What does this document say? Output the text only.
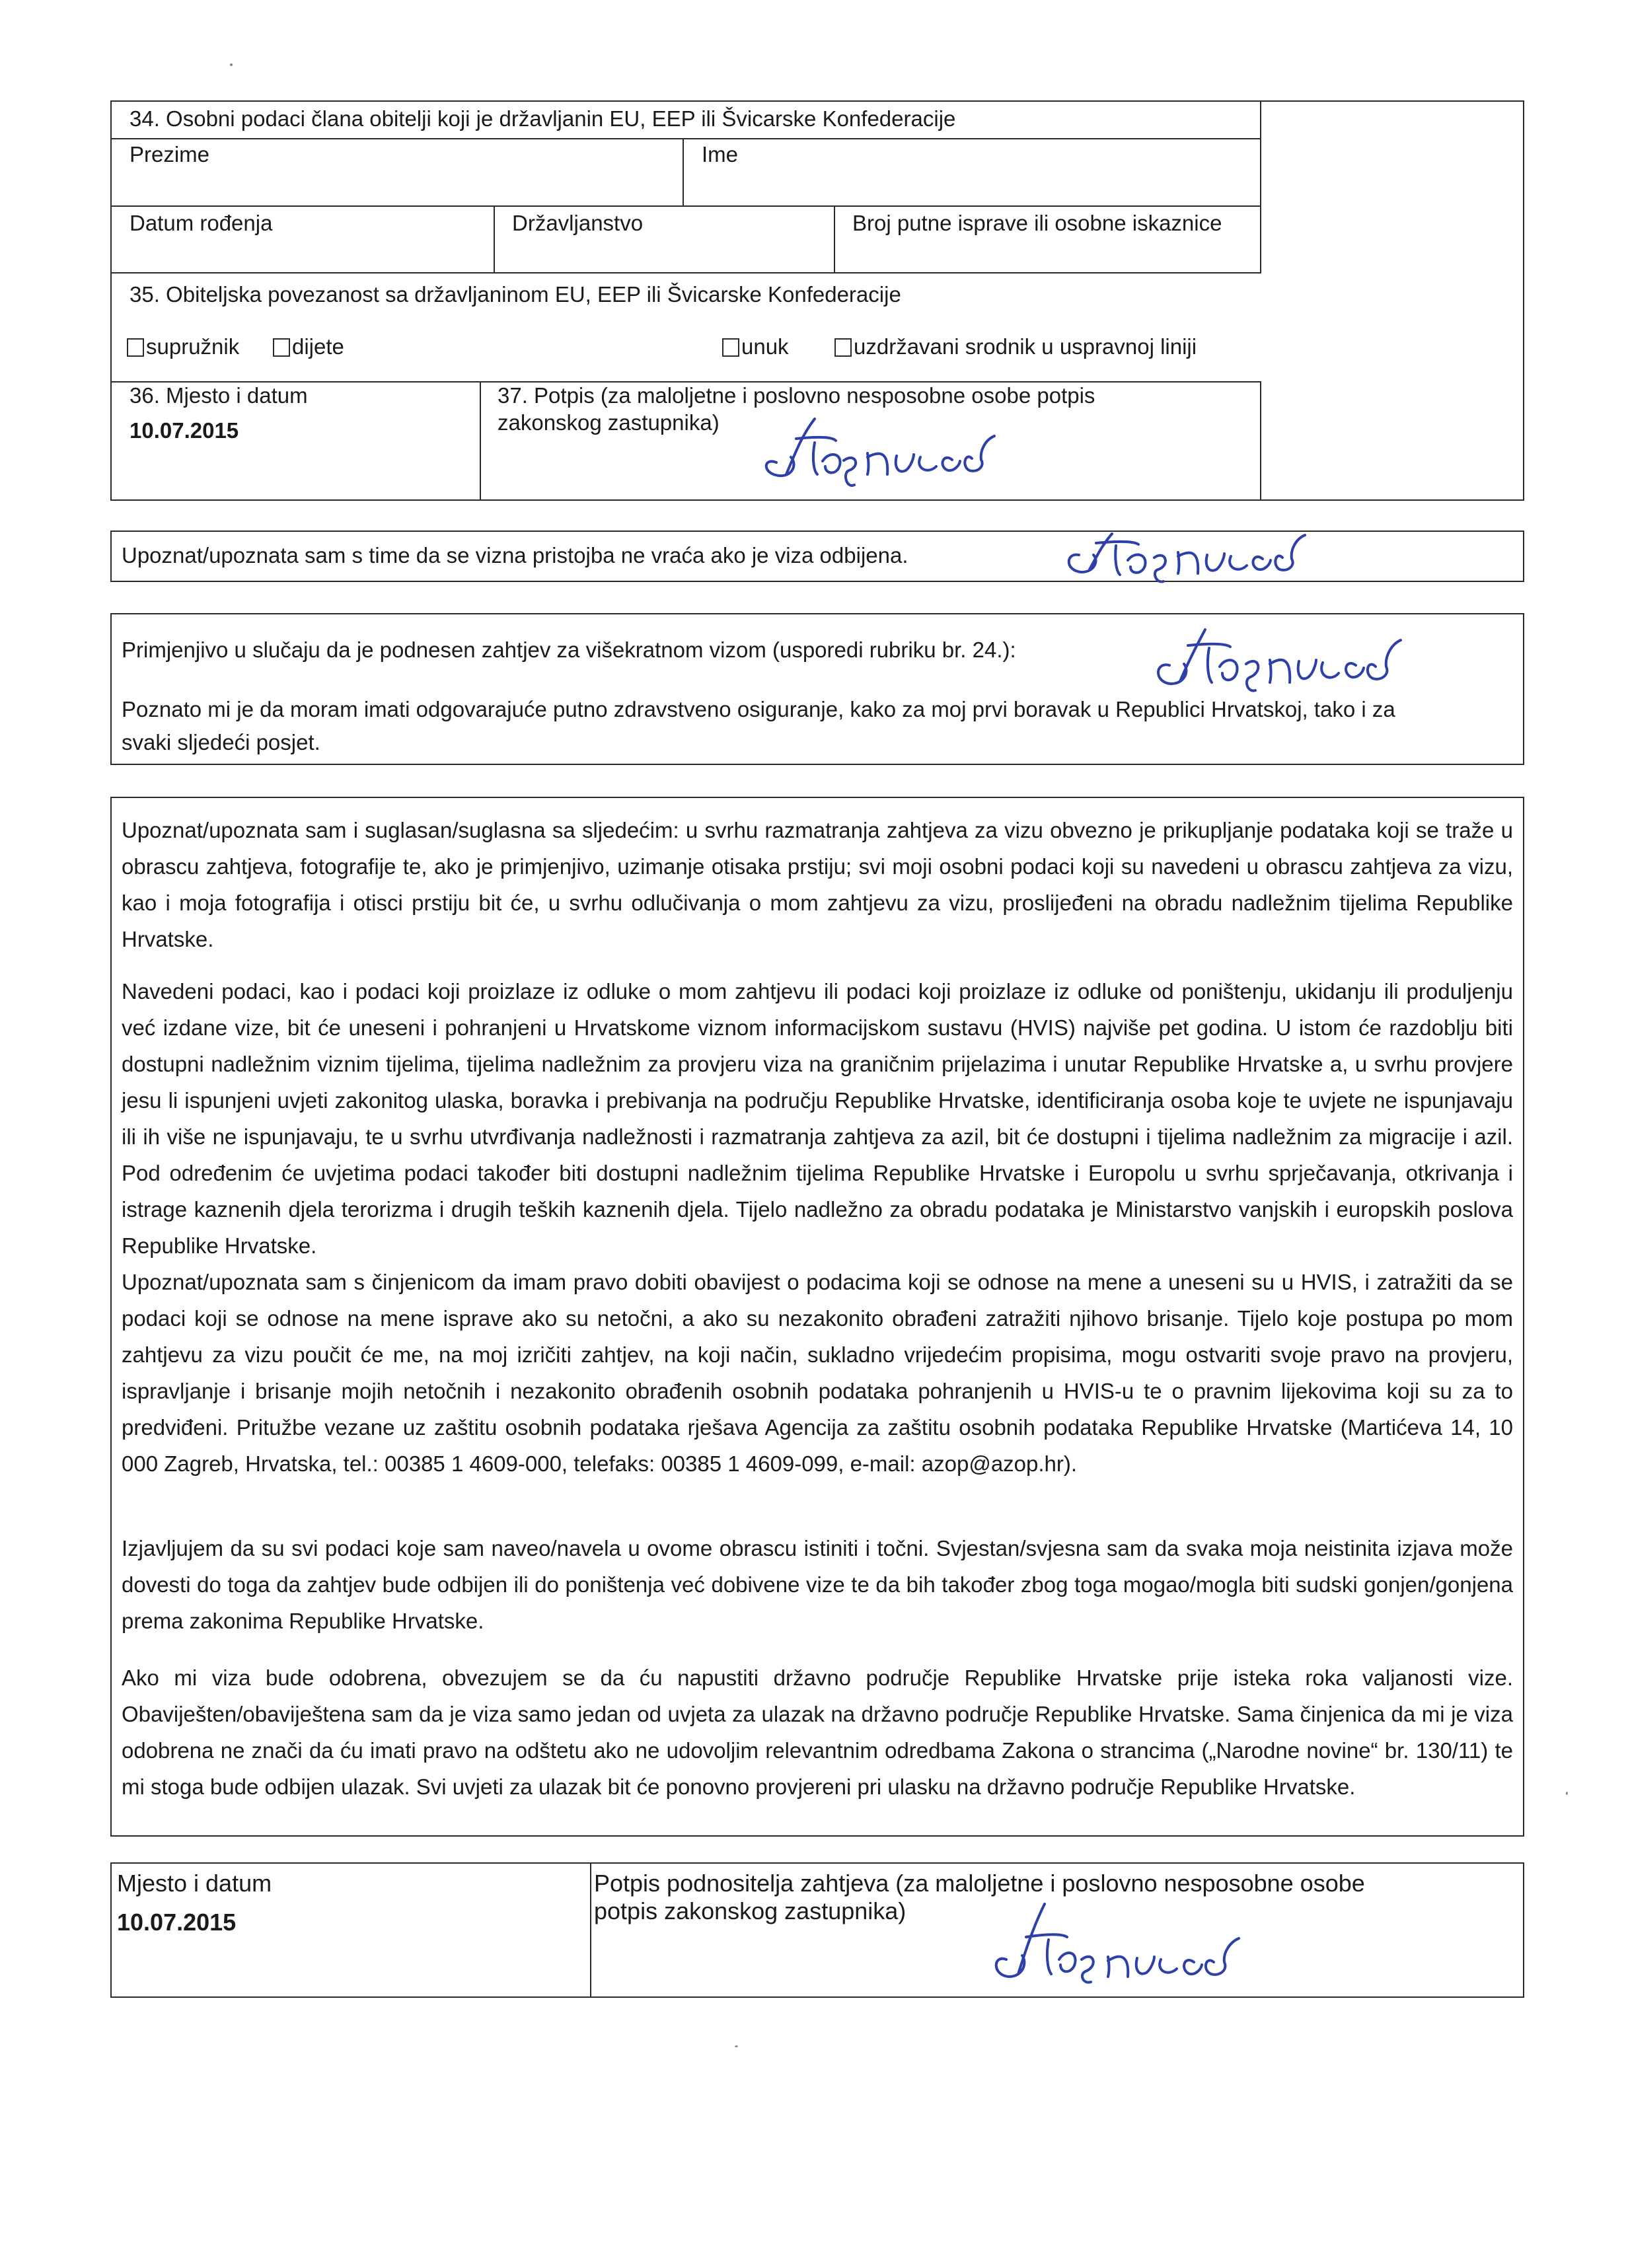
34. Osobni podaci člana obitelji koji je državljanin EU, EEP ili Švicarske Konfederacije
Prezime	Ime
Datum rođenja	Državljanstvo	Broj putne isprave ili osobne iskaznice
35. Obiteljska povezanost sa državljaninom EU, EEP ili Švicarske Konfederacije
supružnik	dijete	unuk	uzdržavani srodnik u uspravnoj liniji
36. Mjesto i datum
10.07.2015
37. Potpis (za maloljetne i poslovno nesposobne osobe potpis
zakonskog zastupnika)
Upoznat/upoznata sam s time da se vizna pristojba ne vraća ako je viza odbijena.
Primjenjivo u slučaju da je podnesen zahtjev za višekratnom vizom (usporedi rubriku br. 24.):
Poznato mi je da moram imati odgovarajuće putno zdravstveno osiguranje, kako za moj prvi boravak u Republici Hrvatskoj, tako i za
svaki sljedeći posjet.
Upoznat/upoznata sam i suglasan/suglasna sa sljedećim: u svrhu razmatranja zahtjeva za vizu obvezno je prikupljanje podataka koji se traže u obrascu zahtjeva, fotografije te, ako je primjenjivo, uzimanje otisaka prstiju; svi moji osobni podaci koji su navedeni u obrascu zahtjeva za vizu, kao i moja fotografija i otisci prstiju bit će, u svrhu odlučivanja o mom zahtjevu za vizu, proslijeđeni na obradu nadležnim tijelima Republike Hrvatske.
Navedeni podaci, kao i podaci koji proizlaze iz odluke o mom zahtjevu ili podaci koji proizlaze iz odluke od poništenju, ukidanju ili produljenju već izdane vize, bit će uneseni i pohranjeni u Hrvatskome viznom informacijskom sustavu (HVIS) najviše pet godina. U istom će razdoblju biti dostupni nadležnim viznim tijelima, tijelima nadležnim za provjeru viza na graničnim prijelazima i unutar Republike Hrvatske a, u svrhu provjere jesu li ispunjeni uvjeti zakonitog ulaska, boravka i prebivanja na području Republike Hrvatske, identificiranja osoba koje te uvjete ne ispunjavaju ili ih više ne ispunjavaju, te u svrhu utvrđivanja nadležnosti i razmatranja zahtjeva za azil, bit će dostupni i tijelima nadležnim za migracije i azil. Pod određenim će uvjetima podaci također biti dostupni nadležnim tijelima Republike Hrvatske i Europolu u svrhu sprječavanja, otkrivanja i istrage kaznenih djela terorizma i drugih teških kaznenih djela. Tijelo nadležno za obradu podataka je Ministarstvo vanjskih i europskih poslova Republike Hrvatske.
Upoznat/upoznata sam s činjenicom da imam pravo dobiti obavijest o podacima koji se odnose na mene a uneseni su u HVIS, i zatražiti da se podaci koji se odnose na mene isprave ako su netočni, a ako su nezakonito obrađeni zatražiti njihovo brisanje. Tijelo koje postupa po mom zahtjevu za vizu poučit će me, na moj izričiti zahtjev, na koji način, sukladno vrijedećim propisima, mogu ostvariti svoje pravo na provjeru, ispravljanje i brisanje mojih netočnih i nezakonito obrađenih osobnih podataka pohranjenih u HVIS-u te o pravnim lijekovima koji su za to predviđeni. Pritužbe vezane uz zaštitu osobnih podataka rješava Agencija za zaštitu osobnih podataka Republike Hrvatske (Martićeva 14, 10 000 Zagreb, Hrvatska, tel.: 00385 1 4609-000, telefaks: 00385 1 4609-099, e-mail: azop@azop.hr).
Izjavljujem da su svi podaci koje sam naveo/navela u ovome obrascu istiniti i točni. Svjestan/svjesna sam da svaka moja neistinita izjava može dovesti do toga da zahtjev bude odbijen ili do poništenja već dobivene vize te da bih također zbog toga mogao/mogla biti sudski gonjen/gonjena prema zakonima Republike Hrvatske.
Ako mi viza bude odobrena, obvezujem se da ću napustiti državno područje Republike Hrvatske prije isteka roka valjanosti vize. Obaviješten/obaviještena sam da je viza samo jedan od uvjeta za ulazak na državno područje Republike Hrvatske. Sama činjenica da mi je viza odobrena ne znači da ću imati pravo na odštetu ako ne udovoljim relevantnim odredbama Zakona o strancima („Narodne novine“ br. 130/11) te mi stoga bude odbijen ulazak. Svi uvjeti za ulazak bit će ponovno provjereni pri ulasku na državno područje Republike Hrvatske.
Mjesto i datum
10.07.2015
Potpis podnositelja zahtjeva (za maloljetne i poslovno nesposobne osobe
potpis zakonskog zastupnika)
